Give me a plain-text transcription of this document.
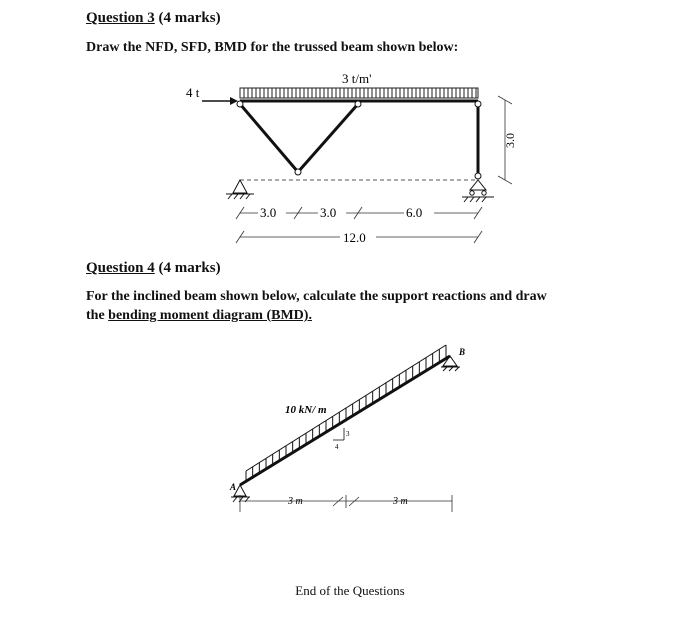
Question 3 (4 marks)
Draw the NFD, SFD, BMD for the trussed beam shown below:
Question 4 (4 marks)
For the inclined beam shown below, calculate the support reactions and draw
the bending moment diagram (BMD).
3 t/m'
4 t
3.0
3.0	3.0	6.0
12.0
10 kN/ m
3
4
A
B
3 m	3 m
End of the Questions
